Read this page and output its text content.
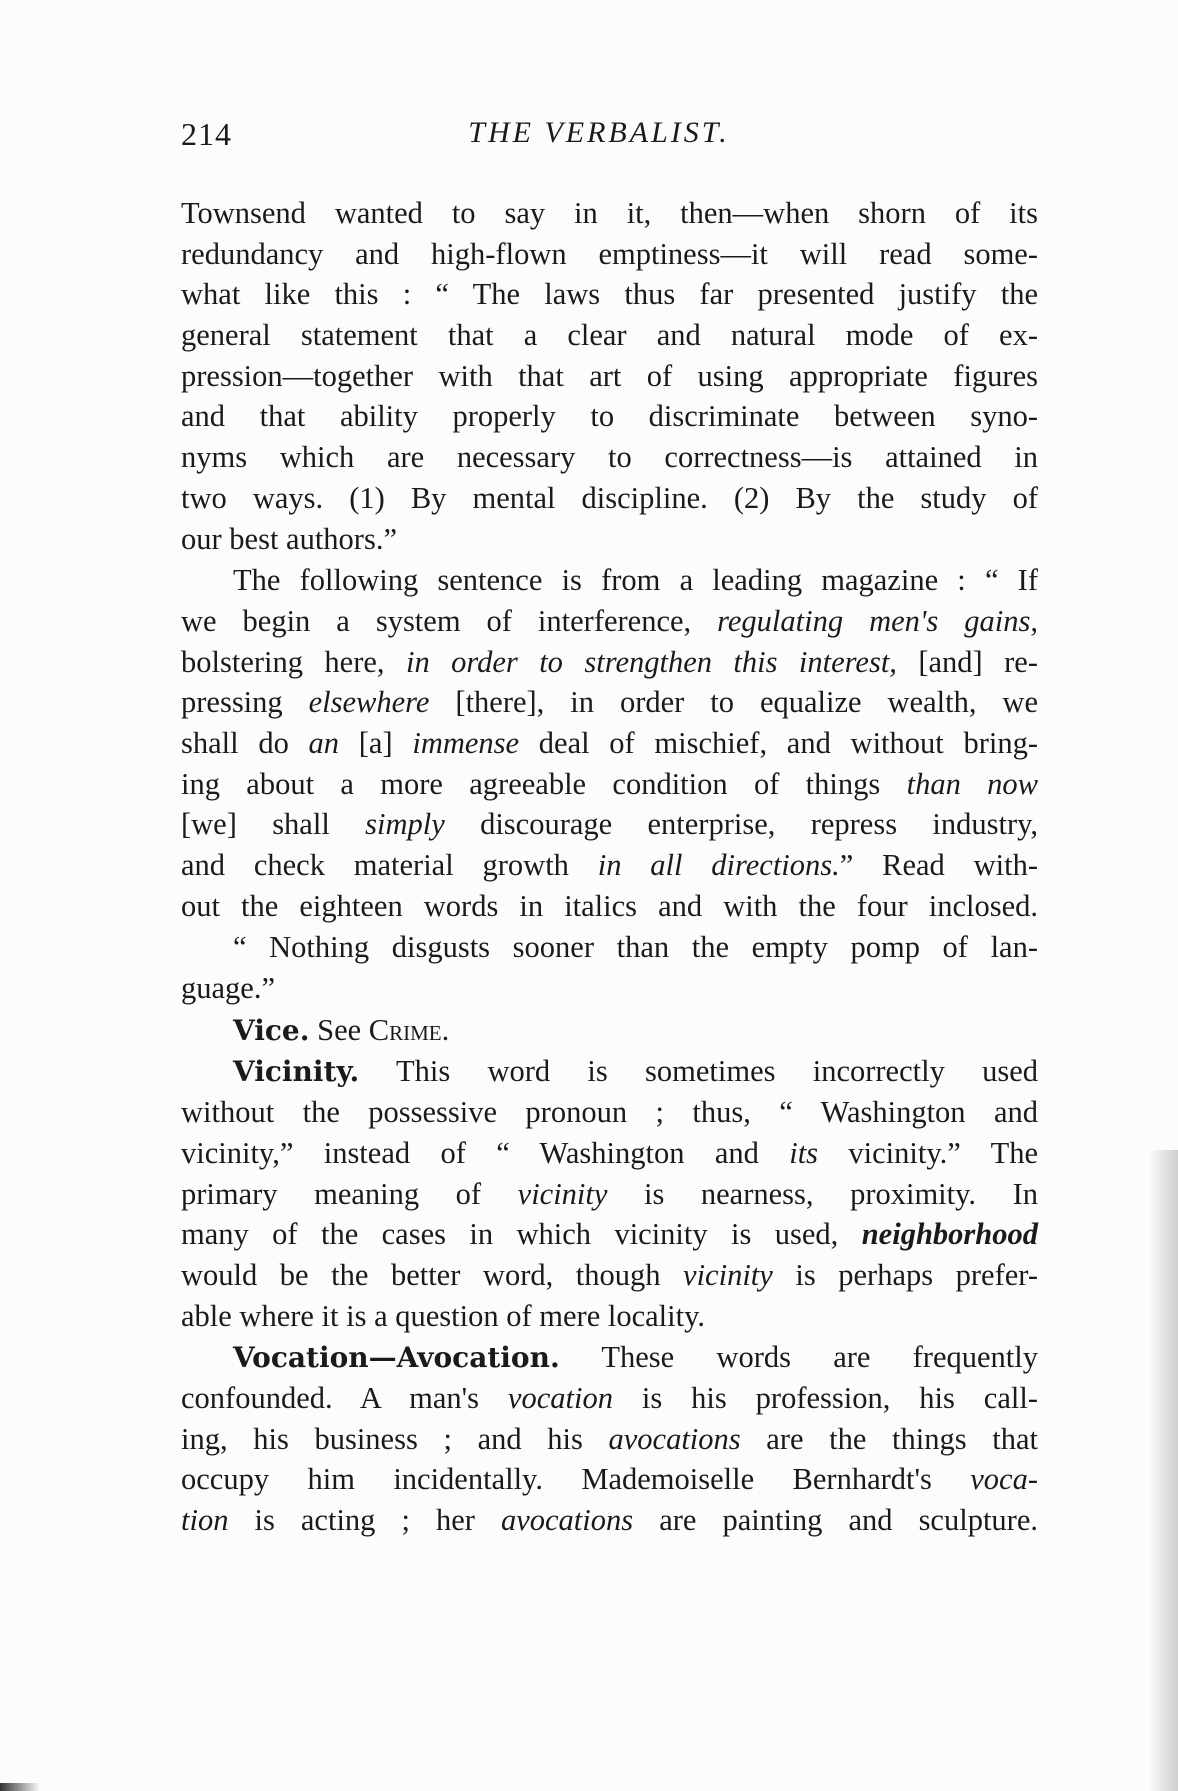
214	THE VERBALIST.
Townsend wanted to say in it, then—when shorn of its
redundancy and high-flown emptiness—it will read some-
what like this : “ The laws thus far presented justify the
general statement that a clear and natural mode of ex-
pression—together with that art of using appropriate figures
and that ability properly to discriminate between syno-
nyms which are necessary to correctness—is attained in
two ways. (1) By mental discipline. (2) By the study of
our best authors.”
The following sentence is from a leading magazine : “ If
we begin a system of interference, regulating men's gains,
bolstering here, in order to strengthen this interest, [and] re-
pressing elsewhere [there], in order to equalize wealth, we
shall do an [a] immense deal of mischief, and without bring-
ing about a more agreeable condition of things than now
[we] shall simply discourage enterprise, repress industry,
and check material growth in all directions.” Read with-
out the eighteen words in italics and with the four inclosed.
“ Nothing disgusts sooner than the empty pomp of lan-
guage.”
Vice. See Crime.
Vicinity. This word is sometimes incorrectly used
without the possessive pronoun ; thus, “ Washington and
vicinity,” instead of “ Washington and its vicinity.” The
primary meaning of vicinity is nearness, proximity. In
many of the cases in which vicinity is used, neighborhood
would be the better word, though vicinity is perhaps prefer-
able where it is a question of mere locality.
Vocation—Avocation. These words are frequently
confounded. A man's vocation is his profession, his call-
ing, his business ; and his avocations are the things that
occupy him incidentally. Mademoiselle Bernhardt's voca-
tion is acting ; her avocations are painting and sculpture.
